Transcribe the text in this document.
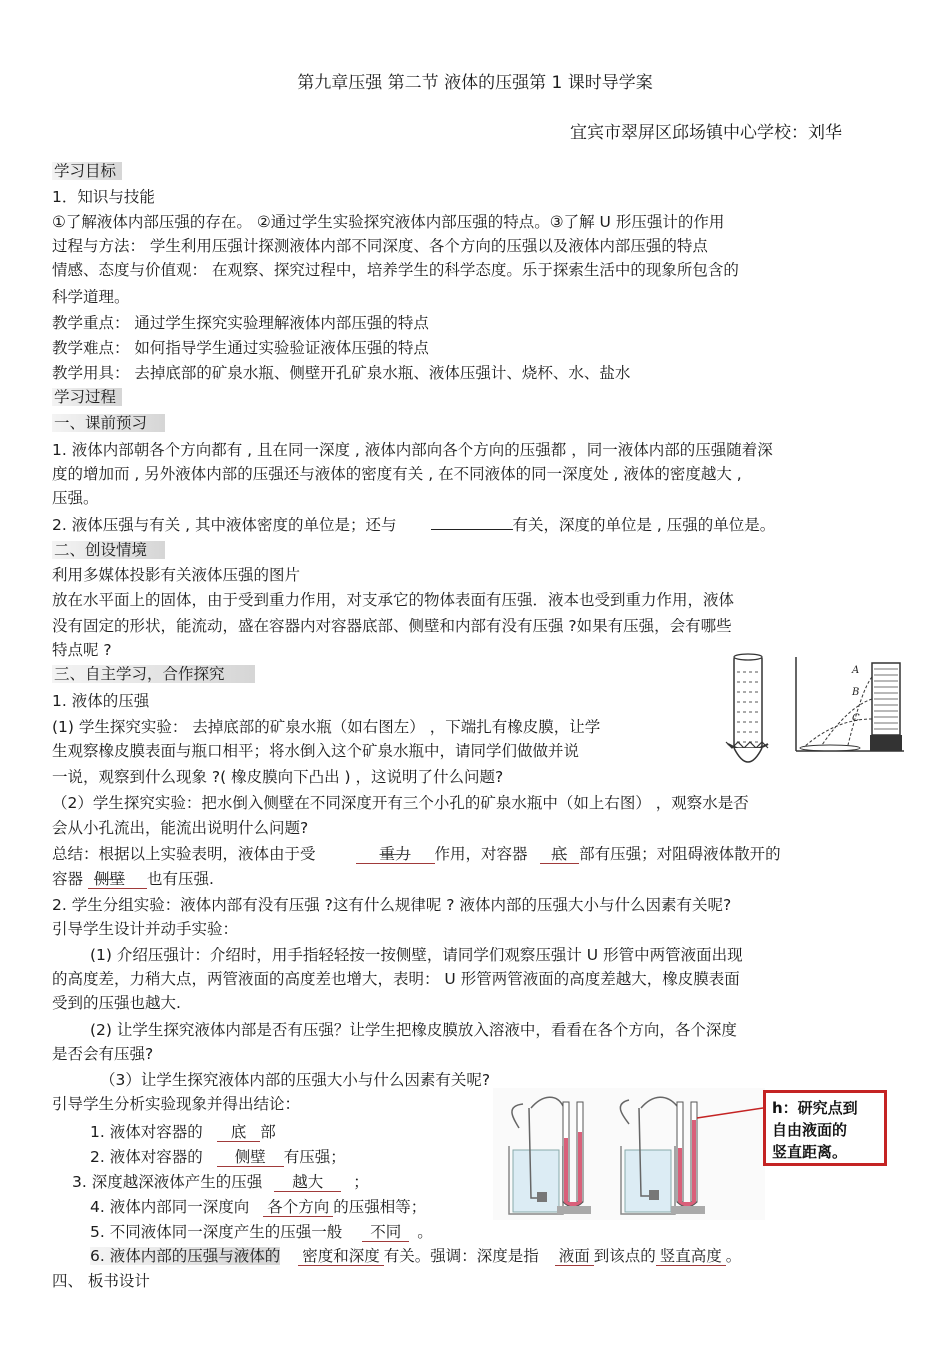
第九章压强 第二节 液体的压强第 1 课时导学案
宜宾市翠屏区邱场镇中心学校：刘华
学习目标
1．知识与技能
①了解液体内部压强的存在。 ②通过学生实验探究液体内部压强的特点。③了解 U 形压强计的作用
过程与方法： 学生利用压强计探测液体内部不同深度、各个方向的压强以及液体内部压强的特点
情感、态度与价值观： 在观察、探究过程中，培养学生的科学态度。乐于探索生活中的现象所包含的
科学道理。
教学重点： 通过学生探究实验理解液体内部压强的特点
教学难点： 如何指导学生通过实验验证液体压强的特点
教学用具： 去掉底部的矿泉水瓶、侧壁开孔矿泉水瓶、液体压强计、烧杯、水、盐水
学习过程
一、课前预习
1. 液体内部朝各个方向都有 , 且在同一深度 , 液体内部向各个方向的压强都 ，同一液体内部的压强随着深
度的增加而 , 另外液体内部的压强还与液体的密度有关 , 在不同液体的同一深度处 , 液体的密度越大 ,
压强。
2. 液体压强与有关 , 其中液体密度的单位是；还与	有关，深度的单位是 , 压强的单位是。
二、创设情境
利用多媒体投影有关液体压强的图片
放在水平面上的固体，由于受到重力作用，对支承它的物体表面有压强．液本也受到重力作用，液体
没有固定的形状，能流动，盛在容器内对容器底部、侧壁和内部有没有压强 ?如果有压强，会有哪些
特点呢 ?
三、自主学习，合作探究
1. 液体的压强
(1) 学生探究实验： 去掉底部的矿泉水瓶（如右图左） ，下端扎有橡皮膜，让学
生观察橡皮膜表面与瓶口相平；将水倒入这个矿泉水瓶中，请同学们做做并说
一说，观察到什么现象 ?( 橡皮膜向下凸出 ) ，这说明了什么问题?
（2）学生探究实验：把水倒入侧壁在不同深度开有三个小孔的矿泉水瓶中（如上右图） ，观察水是否
会从小孔流出，能流出说明什么问题?
总结：根据以上实验表明，液体由于受	重力 作用，对容器 底 部有压强；对阻碍液体散开的
容器 侧壁 也有压强.
2. 学生分组实验：液体内部有没有压强 ?这有什么规律呢 ? 液体内部的压强大小与什么因素有关呢?
引导学生设计并动手实验：
(1) 介绍压强计：介绍时，用手指轻轻按一按侧壁，请同学们观察压强计 U 形管中两管液面出现
的高度差，力稍大点，两管液面的高度差也增大，表明： U 形管两管液面的高度差越大，橡皮膜表面
受到的压强也越大.
(2) 让学生探究液体内部是否有压强？让学生把橡皮膜放入溶液中，看看在各个方向，各个深度
是否会有压强?
（3）让学生探究液体内部的压强大小与什么因素有关呢?
引导学生分析实验现象并得出结论：
1. 液体对容器的 底 部
2. 液体对容器的 侧壁 有压强；
3. 深度越深液体产生的压强 越大 ；
4. 液体内部同一深度向 各个方向 的压强相等；
5. 不同液体同一深度产生的压强一般 不同 。
6. 液体内部的压强与液体的 密度和深度 有关。强调：深度是指 液面 到该点的 竖直高度 。
四、 板书设计
A
B
C
h：研究点到
自由液面的
竖直距离。
